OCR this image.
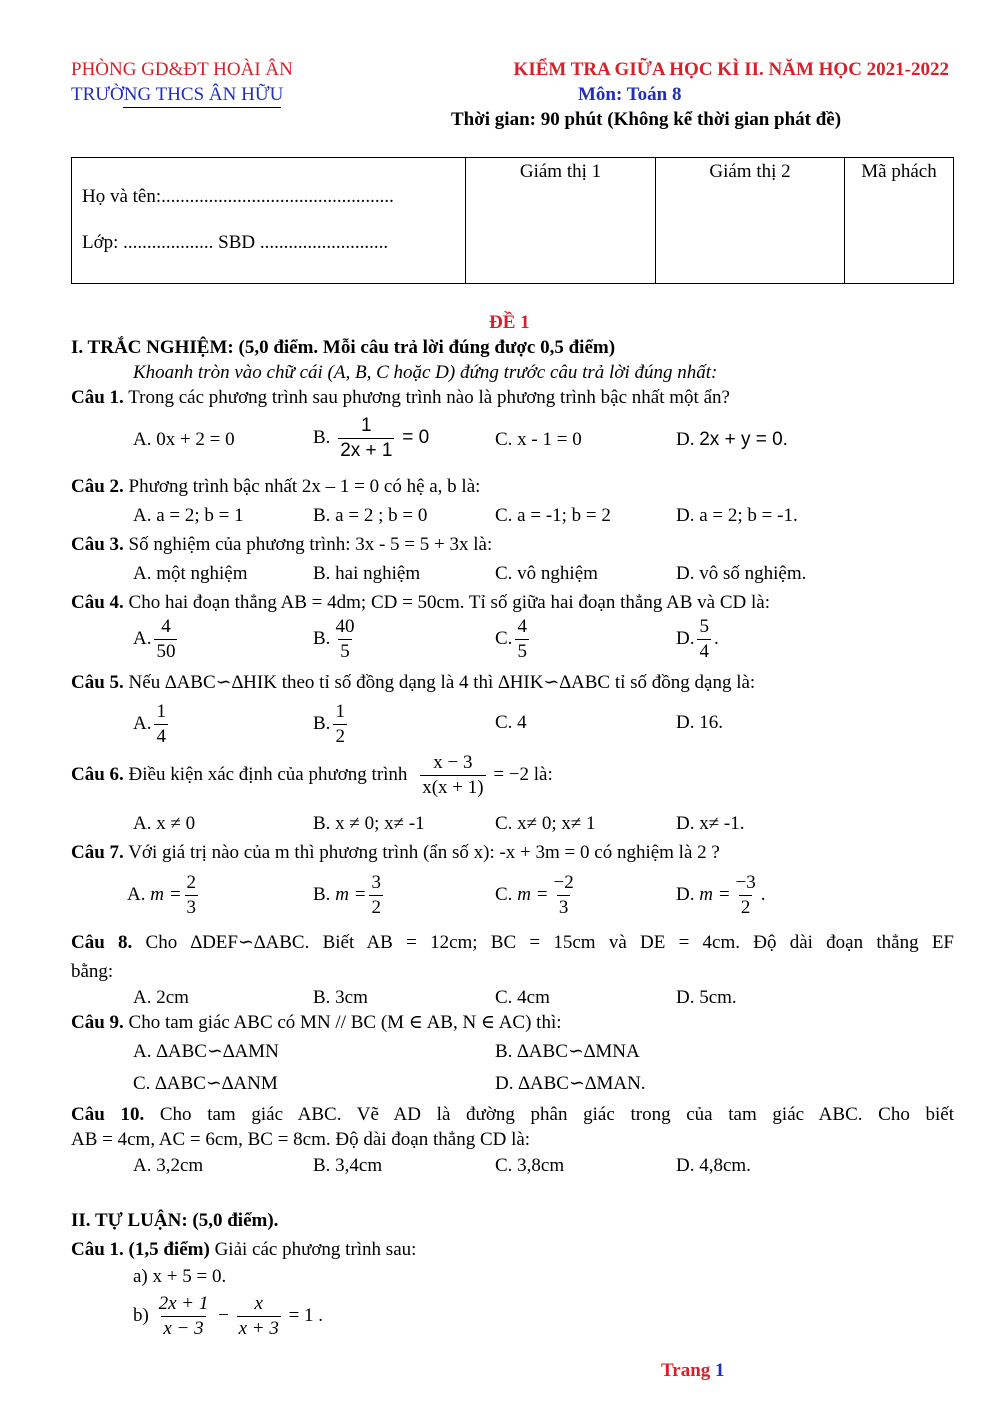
PHÒNG GD&ĐT HOÀI ÂN
TRƯỜNG THCS ÂN HỮU
KIỂM TRA GIỮA HỌC KÌ II. NĂM HỌC 2021-2022
Môn: Toán 8
Thời gian: 90 phút (Không kể thời gian phát đề)
Họ và tên:.................................................
Lớp: ................... SBD ...........................
	Giám thị 1	Giám thị 2	Mã phách
ĐỀ 1
I. TRẮC NGHIỆM: (5,0 điểm. Mỗi câu trả lời đúng được 0,5 điểm)
Khoanh tròn vào chữ cái (A, B, C hoặc D) đứng trước câu trả lời đúng nhất:
Câu 1. Trong các phương trình sau phương trình nào là phương trình bậc nhất một ẩn?
A. 0x + 2 = 0	B. $\frac{1}{2x + 1} = 0$	C. x - 1 = 0	D. 2x + y = 0.
Câu 2. Phương trình bậc nhất 2x – 1 = 0 có hệ a, b là:
A. a = 2; b = 1	B. a = 2 ; b = 0	C. a = -1; b = 2	D. a = 2; b = -1.
Câu 3. Số nghiệm của phương trình: 3x - 5 = 5 + 3x là:
A. một nghiệm	B. hai nghiệm	C. vô nghiệm	D. vô số nghiệm.
Câu 4. Cho hai đoạn thẳng AB = 4dm; CD = 50cm. Tỉ số giữa hai đoạn thẳng AB và CD là:
A. $\frac{4}{50}$	B. $\frac{40}{5}$	C. $\frac{4}{5}$	D. $\frac{5}{4}$ .
Câu 5. Nếu ∆ABC∽∆HIK theo tỉ số đồng dạng là 4 thì ∆HIK∽∆ABC tỉ số đồng dạng là:
A. $\frac{1}{4}$	B. $\frac{1}{2}$	C. 4	D. 16.
Câu 6. Điều kiện xác định của phương trình $\frac{x - 3}{x(x + 1)} = -2$ là:
A. x ≠ 0	B. x ≠ 0; x≠ -1	C. x≠ 0; x≠ 1	D. x≠ -1.
Câu 7. Với giá trị nào của m thì phương trình (ẩn số x): -x + 3m = 0 có nghiệm là 2 ?
A. $m = \frac{2}{3}$	B. $m = \frac{3}{2}$	C. $m = \frac{-2}{3}$	D. $m = \frac{-3}{2}$ .
Câu 8. Cho ∆DEF∽∆ABC. Biết AB = 12cm; BC = 15cm và DE = 4cm. Độ dài đoạn thẳng EF
bằng:
A. 2cm	B. 3cm	C. 4cm	D. 5cm.
Câu 9. Cho tam giác ABC có MN // BC (M ∈ AB, N ∈ AC) thì:
A. ∆ABC∽∆AMN	B. ∆ABC∽∆MNA
C. ∆ABC∽∆ANM	D. ∆ABC∽∆MAN.
Câu 10. Cho tam giác ABC. Vẽ AD là đường phân giác trong của tam giác ABC. Cho biết
AB = 4cm, AC = 6cm, BC = 8cm. Độ dài đoạn thẳng CD là:
A. 3,2cm	B. 3,4cm	C. 3,8cm	D. 4,8cm.
II. TỰ LUẬN: (5,0 điểm).
Câu 1. (1,5 điểm) Giải các phương trình sau:
a) x + 5 = 0.
$b) \frac{2x + 1}{x - 3} - \frac{x}{x + 3} = 1$ .
Trang 1
